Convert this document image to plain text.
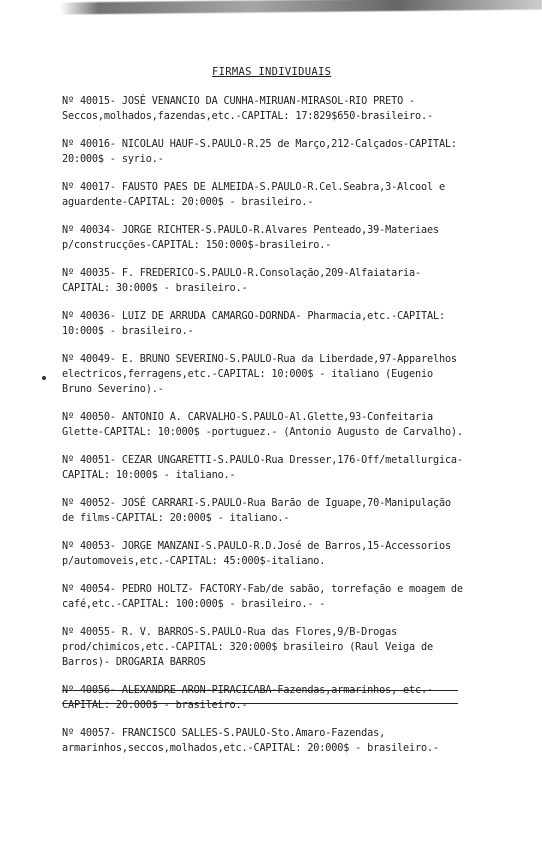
FIRMAS INDIVIDUAIS
Nº 40015- JOSÉ VENANCIO DA CUNHA-MIRUAN-MIRASOL-RIO PRETO -Seccos,molhados,fazendas,etc.-CAPITAL: 17:829$650-brasileiro.-
Nº 40016- NICOLAU HAUF-S.PAULO-R.25 de Março,212-Calçados-CAPITAL: 20:000$ - syrio.-
Nº 40017- FAUSTO PAES DE ALMEIDA-S.PAULO-R.Cel.Seabra,3-Alcool e aguardente-CAPITAL: 20:000$ - brasileiro.-
Nº 40034- JORGE RICHTER-S.PAULO-R.Alvares Penteado,39-Materiaes p/construcções-CAPITAL: 150:000$-brasileiro.-
Nº 40035- F. FREDERICO-S.PAULO-R.Consolação,209-Alfaiataria-CAPITAL: 30:000$ - brasileiro.-
Nº 40036- LUIZ DE ARRUDA CAMARGO-DORNDA- Pharmacia,etc.-CAPITAL: 10:000$ - brasileiro.-
Nº 40049- E. BRUNO SEVERINO-S.PAULO-Rua da Liberdade,97-Apparelhos electricos,ferragens,etc.-CAPITAL: 10:000$ - italiano (Eugenio Bruno Severino).-
Nº 40050- ANTONIO A. CARVALHO-S.PAULO-Al.Glette,93-Confeitaria Glette-CAPITAL: 10:000$ -portuguez.- (Antonio Augusto de Carvalho).
Nº 40051- CEZAR UNGARETTI-S.PAULO-Rua Dresser,176-Off/metallurgica-CAPITAL: 10:000$ - italiano.-
Nº 40052- JOSÉ CARRARI-S.PAULO-Rua Barão de Iguape,70-Manipulação de films-CAPITAL: 20:000$ - italiano.-
Nº 40053- JORGE MANZANI-S.PAULO-R.D.José de Barros,15-Accessorios p/automoveis,etc.-CAPITAL: 45:000$-italiano.
Nº 40054- PEDRO HOLTZ- FACTORY-Fab/de sabão, torrefação e moagem de café,etc.-CAPITAL: 100:000$ - brasileiro.- -
Nº 40055- R. V. BARROS-S.PAULO-Rua das Flores,9/B-Drogas prod/chimicos,etc.-CAPITAL: 320:000$ brasileiro (Raul Veiga de Barros)- DROGARIA BARROS
Nº 40056- ALEXANDRE ARON-PIRACICABA-Fazendas,armarinhos, etc.-CAPITAL: 20:000$ - brasileiro.-
Nº 40057- FRANCISCO SALLES-S.PAULO-Sto.Amaro-Fazendas, armarinhos,seccos,molhados,etc.-CAPITAL: 20:000$ - brasileiro.-
